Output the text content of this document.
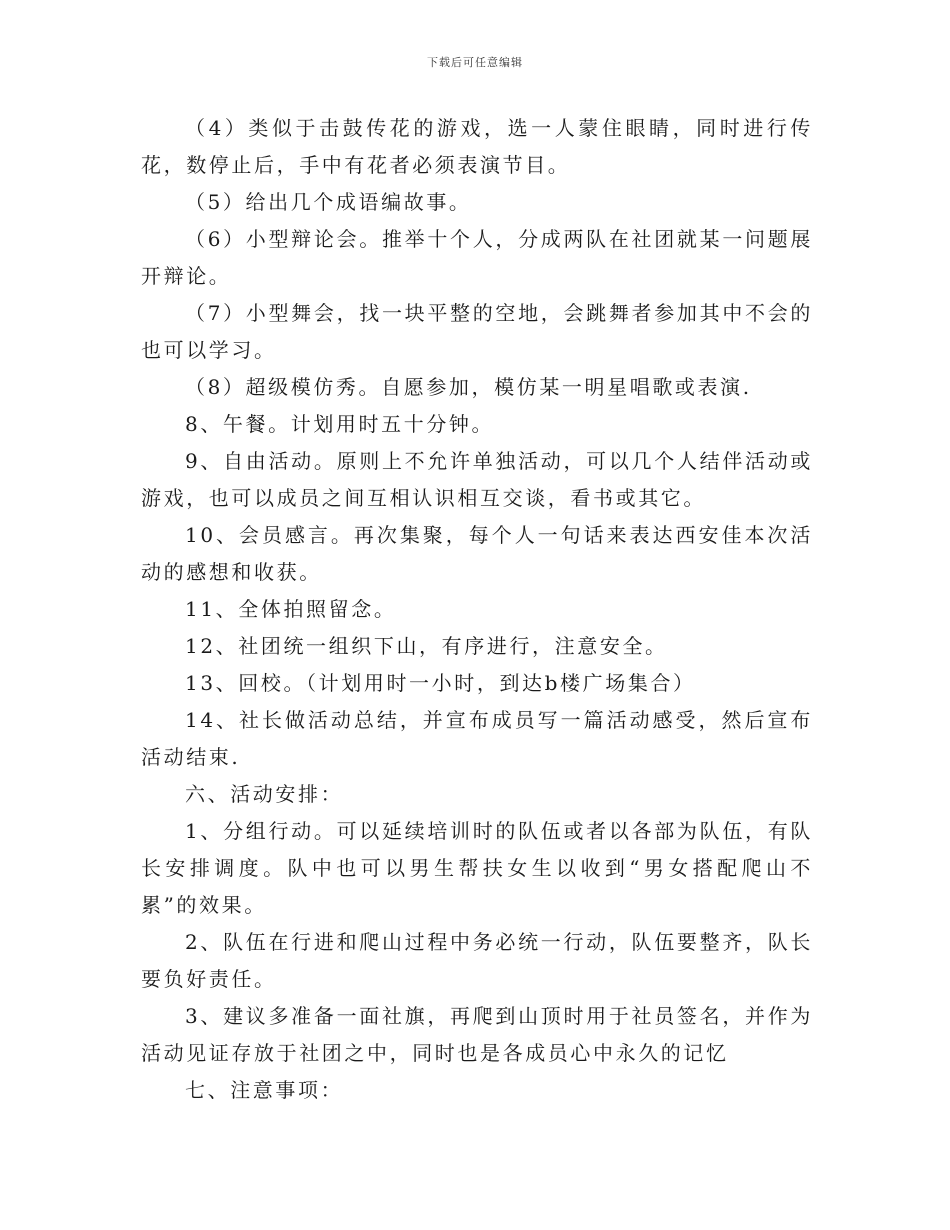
下载后可任意编辑

（4）类似于击鼓传花的游戏，选一人蒙住眼睛，同时进行传花，数停止后，手中有花者必须表演节目。

（5）给出几个成语编故事。

（6）小型辩论会。推举十个人，分成两队在社团就某一问题展开辩论。

（7）小型舞会，找一块平整的空地，会跳舞者参加其中不会的也可以学习。

（8）超级模仿秀。自愿参加，模仿某一明星唱歌或表演.

8、午餐。计划用时五十分钟。

9、自由活动。原则上不允许单独活动，可以几个人结伴活动或游戏，也可以成员之间互相认识相互交谈，看书或其它。

10、会员感言。再次集聚，每个人一句话来表达西安佳本次活动的感想和收获。

11、全体拍照留念。

12、社团统一组织下山，有序进行，注意安全。

13、回校。（计划用时一小时，到达b楼广场集合）

14、社长做活动总结，并宣布成员写一篇活动感受，然后宣布活动结束.

六、活动安排：

1、分组行动。可以延续培训时的队伍或者以各部为队伍，有队长安排调度。队中也可以男生帮扶女生以收到“男女搭配爬山不累”的效果。

2、队伍在行进和爬山过程中务必统一行动，队伍要整齐，队长要负好责任。

3、建议多准备一面社旗，再爬到山顶时用于社员签名，并作为活动见证存放于社团之中，同时也是各成员心中永久的记忆

七、注意事项：
